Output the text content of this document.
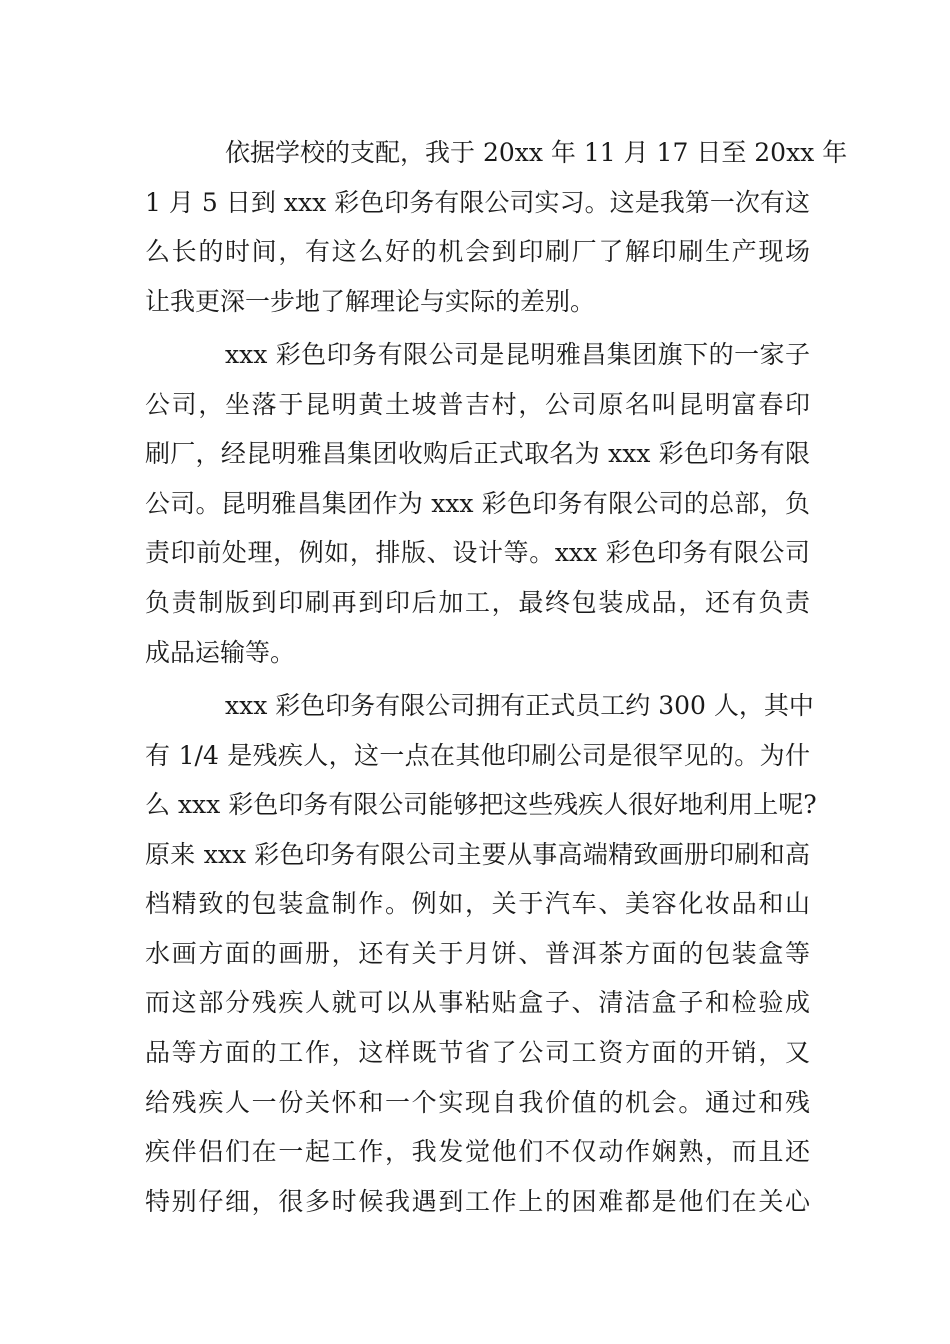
依据学校的支配，我于 20xx 年 11 月 17 日至 20xx 年
1 月 5 日到 xxx 彩色印务有限公司实习。这是我第一次有这
么长的时间，有这么好的机会到印刷厂了解印刷生产现场
让我更深一步地了解理论与实际的差别。
xxx 彩色印务有限公司是昆明雅昌集团旗下的一家子
公司，坐落于昆明黄土坡普吉村，公司原名叫昆明富春印
刷厂，经昆明雅昌集团收购后正式取名为 xxx 彩色印务有限
公司。昆明雅昌集团作为 xxx 彩色印务有限公司的总部，负
责印前处理，例如，排版、设计等。xxx 彩色印务有限公司
负责制版到印刷再到印后加工，最终包装成品，还有负责
成品运输等。
xxx 彩色印务有限公司拥有正式员工约 300 人，其中
有 1/4 是残疾人，这一点在其他印刷公司是很罕见的。为什
么 xxx 彩色印务有限公司能够把这些残疾人很好地利用上呢?
原来 xxx 彩色印务有限公司主要从事高端精致画册印刷和高
档精致的包装盒制作。例如，关于汽车、美容化妆品和山
水画方面的画册，还有关于月饼、普洱茶方面的包装盒等
而这部分残疾人就可以从事粘贴盒子、清洁盒子和检验成
品等方面的工作，这样既节省了公司工资方面的开销，又
给残疾人一份关怀和一个实现自我价值的机会。通过和残
疾伴侣们在一起工作，我发觉他们不仅动作娴熟，而且还
特别仔细，很多时候我遇到工作上的困难都是他们在关心
